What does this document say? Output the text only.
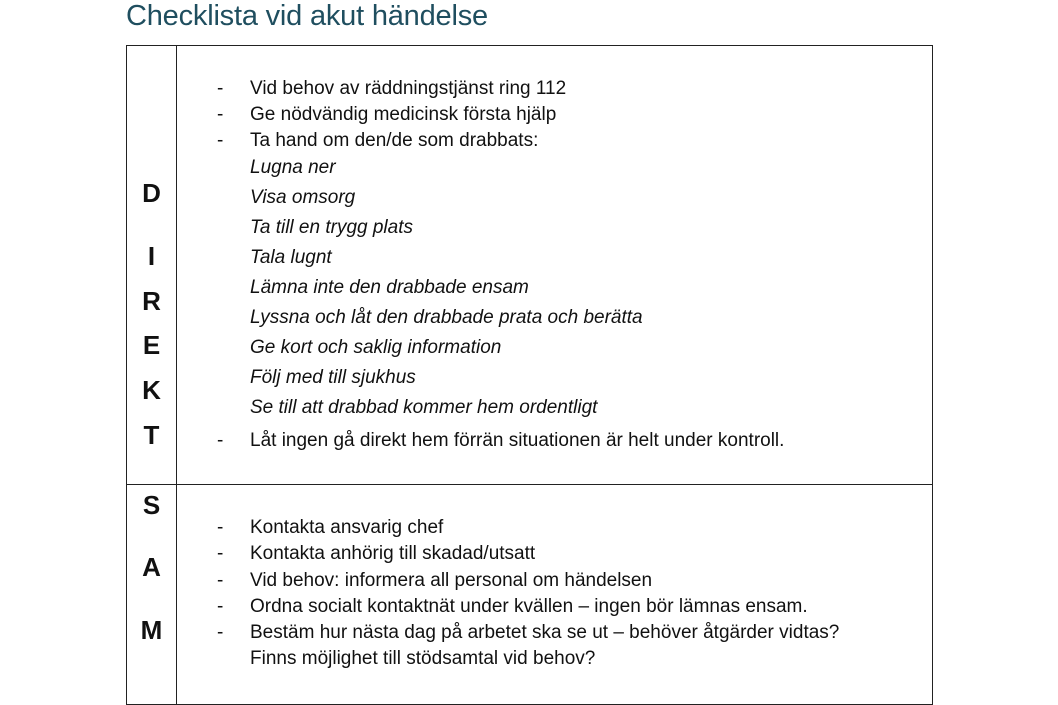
Checklista vid akut händelse
D
I
R
E
K
T
- Vid behov av räddningstjänst ring 112
- Ge nödvändig medicinsk första hjälp
- Ta hand om den/de som drabbats:
Lugna ner
Visa omsorg
Ta till en trygg plats
Tala lugnt
Lämna inte den drabbade ensam
Lyssna och låt den drabbade prata och berätta
Ge kort och saklig information
Följ med till sjukhus
Se till att drabbad kommer hem ordentligt
- Låt ingen gå direkt hem förrän situationen är helt under kontroll.
S
A
M
- Kontakta ansvarig chef
- Kontakta anhörig till skadad/utsatt
- Vid behov: informera all personal om händelsen
- Ordna socialt kontaktnät under kvällen – ingen bör lämnas ensam.
- Bestäm hur nästa dag på arbetet ska se ut – behöver åtgärder vidtas?
Finns möjlighet till stödsamtal vid behov?
